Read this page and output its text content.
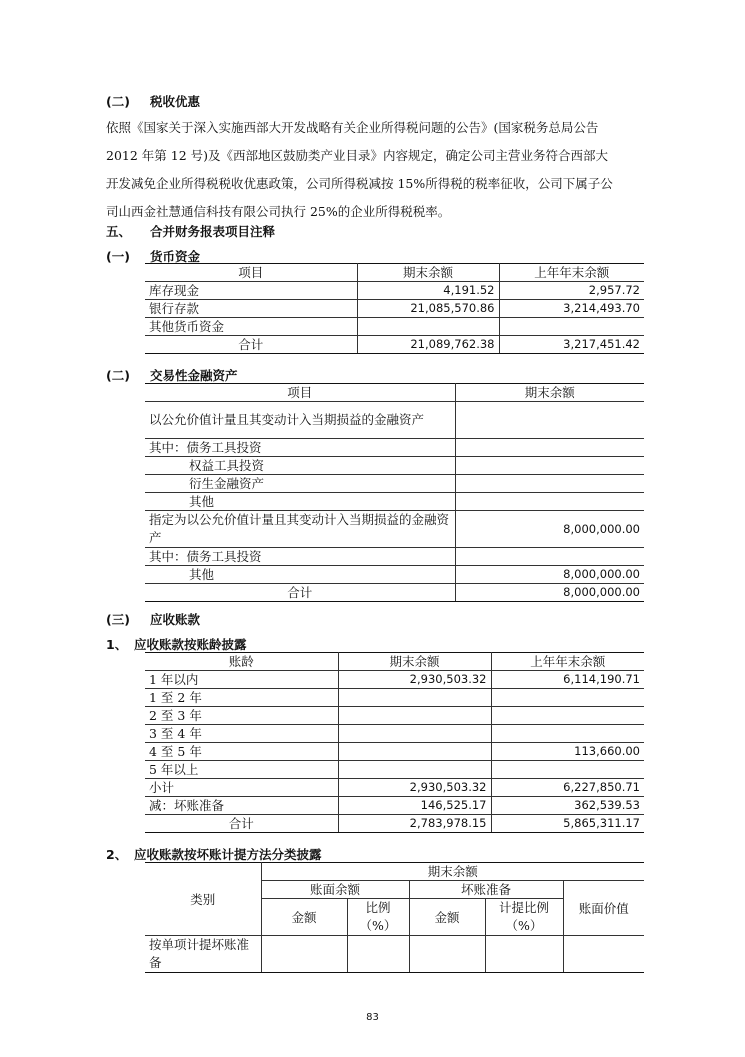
(二) 税收优惠
依照《国家关于深入实施西部大开发战略有关企业所得税问题的公告》(国家税务总局公告
2012 年第 12 号)及《西部地区鼓励类产业目录》内容规定，确定公司主营业务符合西部大
开发减免企业所得税税收优惠政策，公司所得税减按 15%所得税的税率征收，公司下属子公
司山西金社慧通信科技有限公司执行 25%的企业所得税税率。
五、 合并财务报表项目注释
(一) 货币资金
项目	期末余额	上年年末余额
库存现金	4,191.52	2,957.72
银行存款	21,085,570.86	3,214,493.70
其他货币资金		
合计	21,089,762.38	3,217,451.42
(二) 交易性金融资产
项目	期末余额
以公允价值计量且其变动计入当期损益的金融资产	
其中：债务工具投资	
权益工具投资	
衍生金融资产	
其他	
指定为以公允价值计量且其变动计入当期损益的金融资产	8,000,000.00
其中：债务工具投资	
其他	8,000,000.00
合计	8,000,000.00
(三) 应收账款
1、 应收账款按账龄披露
账龄	期末余额	上年年末余额
1 年以内	2,930,503.32	6,114,190.71
1 至 2 年		
2 至 3 年		
3 至 4 年		
4 至 5 年		113,660.00
5 年以上		
小计	2,930,503.32	6,227,850.71
减：坏账准备	146,525.17	362,539.53
合计	2,783,978.15	5,865,311.17
2、 应收账款按坏账计提方法分类披露
类别	期末余额				
	账面余额		坏账准备		账面价值
	金额	比例（%）	金额	计提比例（%）	
按单项计提坏账准备					
83
